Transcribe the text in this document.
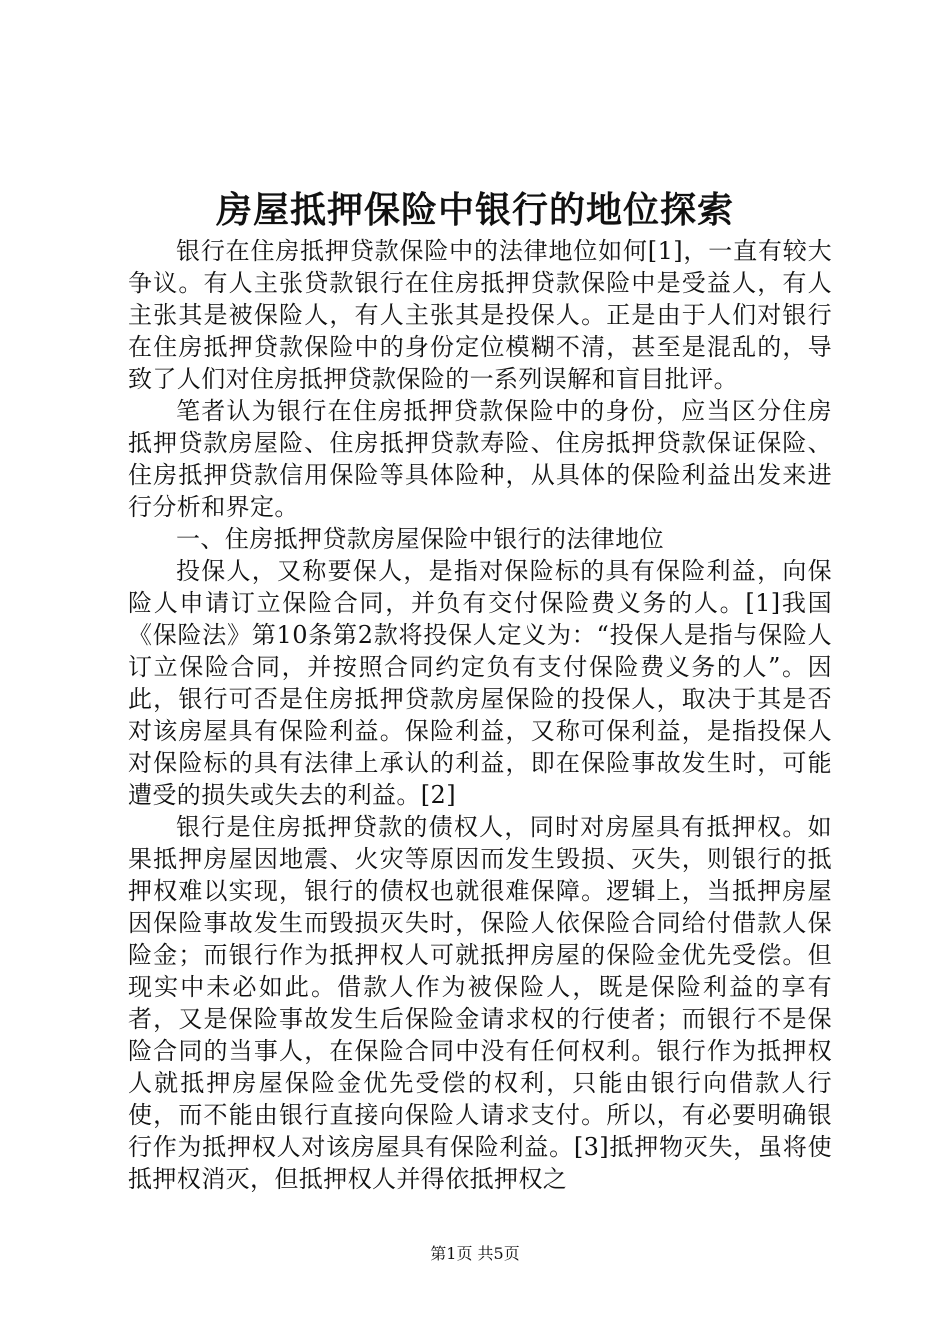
房屋抵押保险中银行的地位探索

银行在住房抵押贷款保险中的法律地位如何[1]，一直有较大争议。有人主张贷款银行在住房抵押贷款保险中是受益人，有人主张其是被保险人，有人主张其是投保人。正是由于人们对银行在住房抵押贷款保险中的身份定位模糊不清，甚至是混乱的，导致了人们对住房抵押贷款保险的一系列误解和盲目批评。

笔者认为银行在住房抵押贷款保险中的身份，应当区分住房抵押贷款房屋险、住房抵押贷款寿险、住房抵押贷款保证保险、住房抵押贷款信用保险等具体险种，从具体的保险利益出发来进行分析和界定。

一、住房抵押贷款房屋保险中银行的法律地位

投保人，又称要保人，是指对保险标的具有保险利益，向保险人申请订立保险合同，并负有交付保险费义务的人。[1]我国《保险法》第10条第2款将投保人定义为：“投保人是指与保险人订立保险合同，并按照合同约定负有支付保险费义务的人”。因此，银行可否是住房抵押贷款房屋保险的投保人，取决于其是否对该房屋具有保险利益。保险利益，又称可保利益，是指投保人对保险标的具有法律上承认的利益，即在保险事故发生时，可能遭受的损失或失去的利益。[2]

银行是住房抵押贷款的债权人，同时对房屋具有抵押权。如果抵押房屋因地震、火灾等原因而发生毁损、灭失，则银行的抵押权难以实现，银行的债权也就很难保障。逻辑上，当抵押房屋因保险事故发生而毁损灭失时，保险人依保险合同给付借款人保险金；而银行作为抵押权人可就抵押房屋的保险金优先受偿。但现实中未必如此。借款人作为被保险人，既是保险利益的享有者，又是保险事故发生后保险金请求权的行使者；而银行不是保险合同的当事人，在保险合同中没有任何权利。银行作为抵押权人就抵押房屋保险金优先受偿的权利，只能由银行向借款人行使，而不能由银行直接向保险人请求支付。所以，有必要明确银行作为抵押权人对该房屋具有保险利益。[3]抵押物灭失，虽将使抵押权消灭，但抵押权人并得依抵押权之

第1页 共5页
